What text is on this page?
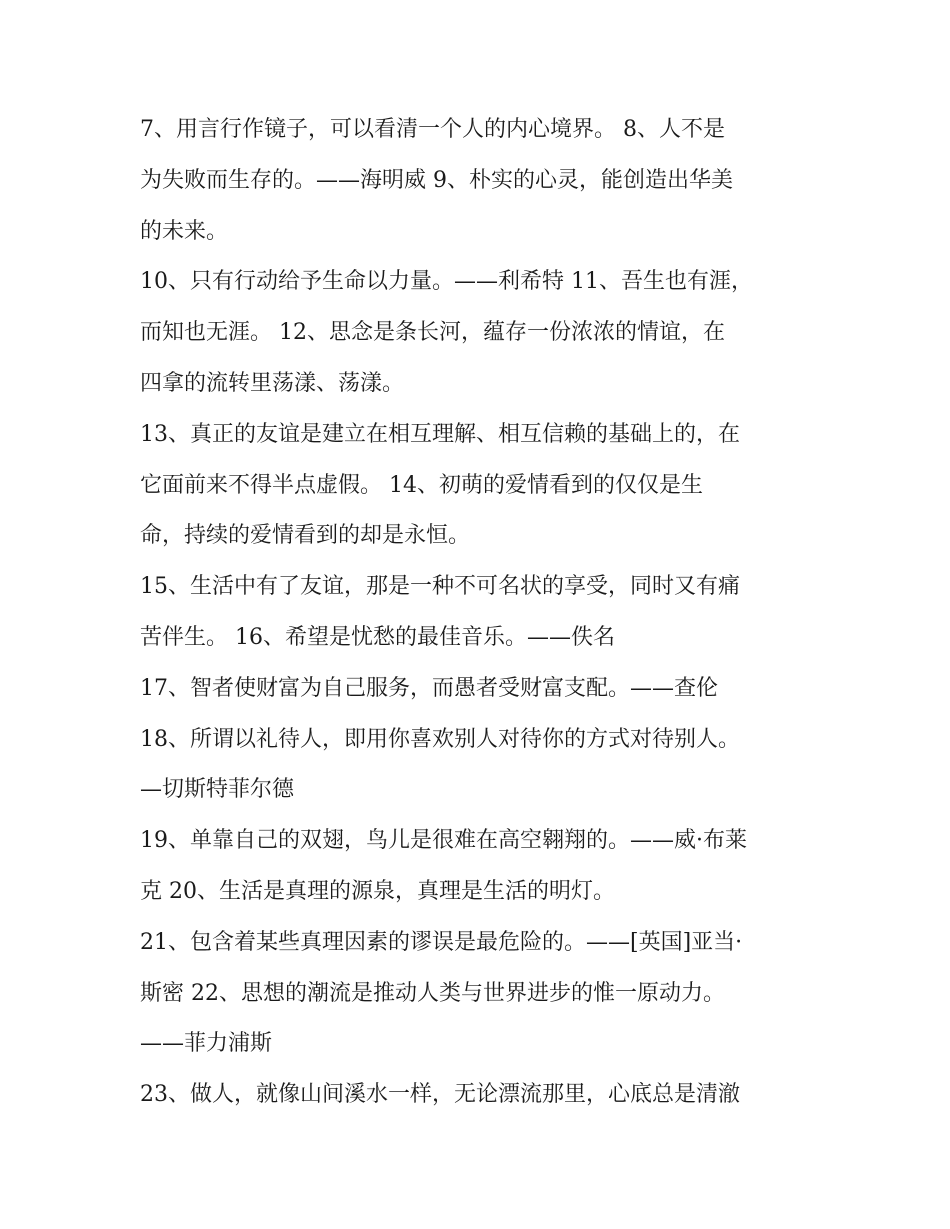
7、用言行作镜子，可以看清一个人的内心境界。 8、人不是
为失败而生存的。——海明威 9、朴实的心灵，能创造出华美
的未来。
10、只有行动给予生命以力量。——利希特 11、吾生也有涯，
而知也无涯。 12、思念是条长河，蕴存一份浓浓的情谊，在
四拿的流转里荡漾、荡漾。
13、真正的友谊是建立在相互理解、相互信赖的基础上的，在
它面前来不得半点虚假。 14、初萌的爱情看到的仅仅是生
命，持续的爱情看到的却是永恒。
15、生活中有了友谊，那是一种不可名状的享受，同时又有痛
苦伴生。 16、希望是忧愁的最佳音乐。——佚名
17、智者使财富为自己服务，而愚者受财富支配。——查伦
18、所谓以礼待人，即用你喜欢别人对待你的方式对待别人。
—切斯特菲尔德
19、单靠自己的双翅，鸟儿是很难在高空翱翔的。——威·布莱
克 20、生活是真理的源泉，真理是生活的明灯。
21、包含着某些真理因素的谬误是最危险的。——[英国]亚当·
斯密 22、思想的潮流是推动人类与世界进步的惟一原动力。
——菲力浦斯
23、做人，就像山间溪水一样，无论漂流那里，心底总是清澈
